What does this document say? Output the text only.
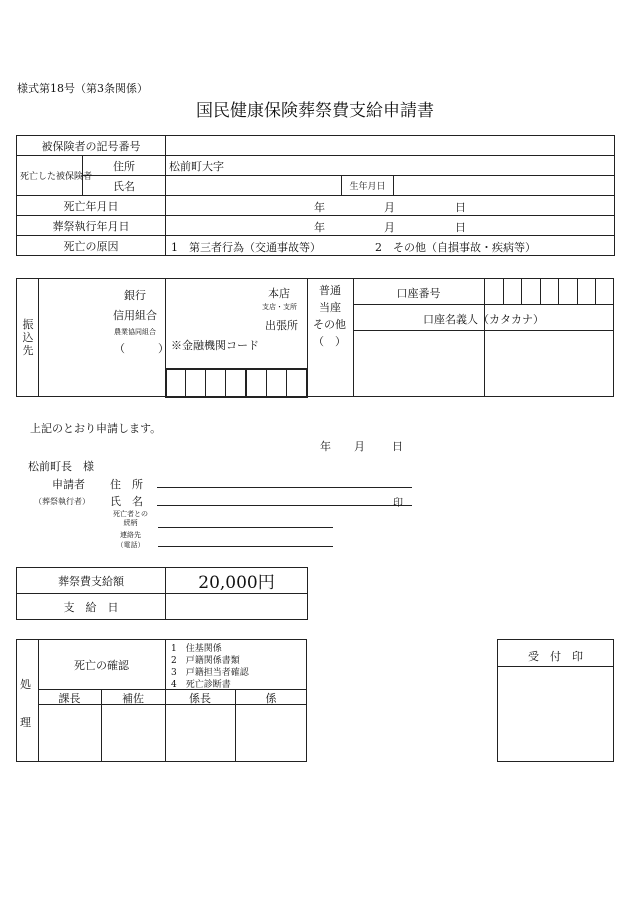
様式第18号（第3条関係）
国民健康保険葬祭費支給申請書
被保険者の記号番号				
死亡した被保険者	住所	松前町大字		
	氏名		生年月日	
死亡年月日		年 月 日		

葬祭執行年月日		年 月 日		

死亡の原因		1　第三者行為（交通事故等） 2　その他（自損事故・疾病等）		
振
込
先
銀行
信用組合
農業協同組合
（　　　）
本店
支店・支所
出張所
※金融機関コード
普通
当座
その他
（　）
口座番号
口座名義人（カタカナ）
上記のとおり申請します。
年 月 日
松前町長　様
申請者 住　所
（葬祭執行者） 氏　名	印
死亡者との
続柄
連絡先
（電話）
葬祭費支給額	20,000円
支　給　日	
処
理
死亡の確認
1　住基関係
2　戸籍関係書類
3　戸籍担当者確認
4　死亡診断書
課長	補佐	係長	係
受　付　印
